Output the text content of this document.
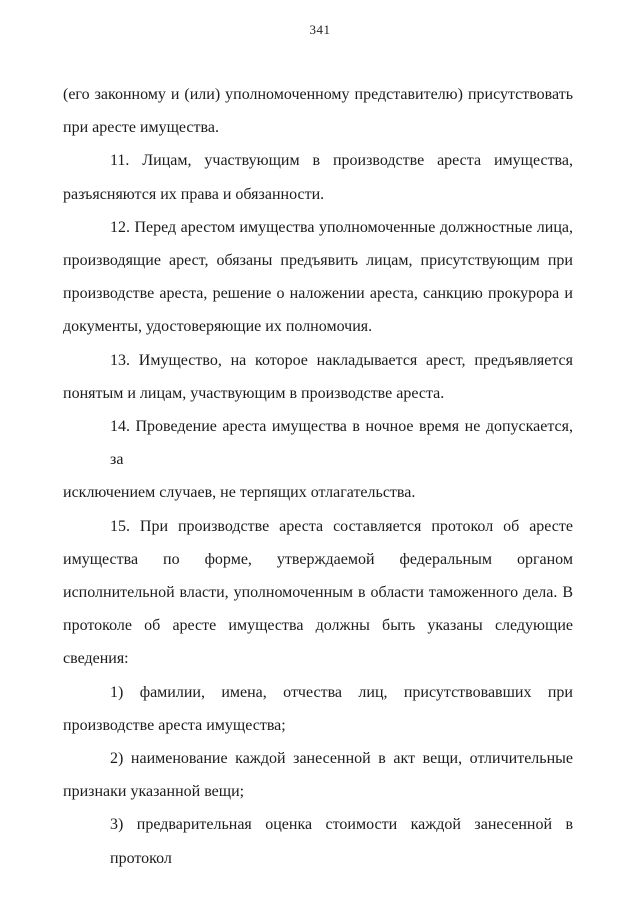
341
(его законному и (или) уполномоченному представителю) присутствовать
при аресте имущества.
11. Лицам, участвующим в производстве ареста имущества,
разъясняются их права и обязанности.
12. Перед арестом имущества уполномоченные должностные лица,
производящие арест, обязаны предъявить лицам, присутствующим при
производстве ареста, решение о наложении ареста, санкцию прокурора и
документы, удостоверяющие их полномочия.
13. Имущество, на которое накладывается арест, предъявляется
понятым и лицам, участвующим в производстве ареста.
14. Проведение ареста имущества в ночное время не допускается, за
исключением случаев, не терпящих отлагательства.
15. При производстве ареста составляется протокол об аресте
имущества по форме, утверждаемой федеральным органом
исполнительной власти, уполномоченным в области таможенного дела. В
протоколе об аресте имущества должны быть указаны следующие
сведения:
1) фамилии, имена, отчества лиц, присутствовавших при
производстве ареста имущества;
2) наименование каждой занесенной в акт вещи, отличительные
признаки указанной вещи;
3) предварительная оценка стоимости каждой занесенной в протокол
